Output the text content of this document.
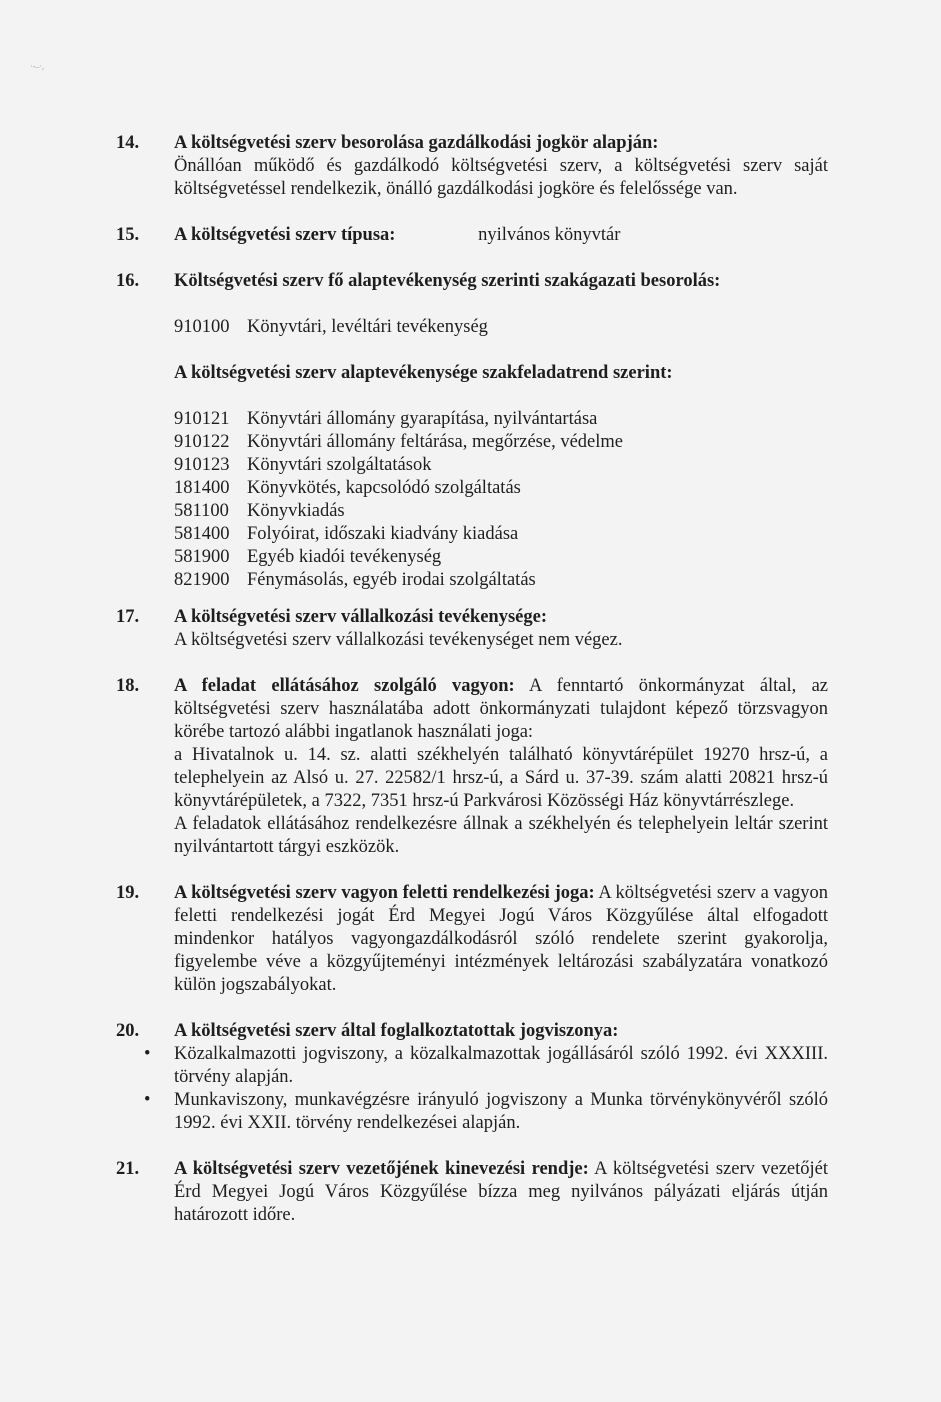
·-–·,
14. A költségvetési szerv besorolása gazdálkodási jogkör alapján:
Önállóan működő és gazdálkodó költségvetési szerv, a költségvetési szerv saját költségvetéssel rendelkezik, önálló gazdálkodási jogköre és felelőssége van.
15. A költségvetési szerv típusa:	nyilvános könyvtár
16. Költségvetési szerv fő alaptevékenység szerinti szakágazati besorolás:
910100 Könyvtári, levéltári tevékenység
A költségvetési szerv alaptevékenysége szakfeladatrend szerint:
910121 Könyvtári állomány gyarapítása, nyilvántartása
910122 Könyvtári állomány feltárása, megőrzése, védelme
910123 Könyvtári szolgáltatások
181400 Könyvkötés, kapcsolódó szolgáltatás
581100 Könyvkiadás
581400 Folyóirat, időszaki kiadvány kiadása
581900 Egyéb kiadói tevékenység
821900 Fénymásolás, egyéb irodai szolgáltatás
17. A költségvetési szerv vállalkozási tevékenysége:
A költségvetési szerv vállalkozási tevékenységet nem végez.
18. A feladat ellátásához szolgáló vagyon: A fenntartó önkormányzat által, az költségvetési szerv használatába adott önkormányzati tulajdont képező törzsvagyon körébe tartozó alábbi ingatlanok használati joga:
a Hivatalnok u. 14. sz. alatti székhelyén található könyvtárépület 19270 hrsz-ú, a telephelyein az Alsó u. 27. 22582/1 hrsz-ú, a Sárd u. 37-39. szám alatti 20821 hrsz-ú könyvtárépületek, a 7322, 7351 hrsz-ú Parkvárosi Közösségi Ház könyvtárrészlege.
A feladatok ellátásához rendelkezésre állnak a székhelyén és telephelyein leltár szerint nyilvántartott tárgyi eszközök.
19. A költségvetési szerv vagyon feletti rendelkezési joga: A költségvetési szerv a vagyon feletti rendelkezési jogát Érd Megyei Jogú Város Közgyűlése által elfogadott mindenkor hatályos vagyongazdálkodásról szóló rendelete szerint gyakorolja, figyelembe véve a közgyűjteményi intézmények leltározási szabályzatára vonatkozó külön jogszabályokat.
20. A költségvetési szerv által foglalkoztatottak jogviszonya:
• Közalkalmazotti jogviszony, a közalkalmazottak jogállásáról szóló 1992. évi XXXIII. törvény alapján.
• Munkaviszony, munkavégzésre irányuló jogviszony a Munka törvénykönyvéről szóló 1992. évi XXII. törvény rendelkezései alapján.
21. A költségvetési szerv vezetőjének kinevezési rendje: A költségvetési szerv vezetőjét Érd Megyei Jogú Város Közgyűlése bízza meg nyilvános pályázati eljárás útján határozott időre.
